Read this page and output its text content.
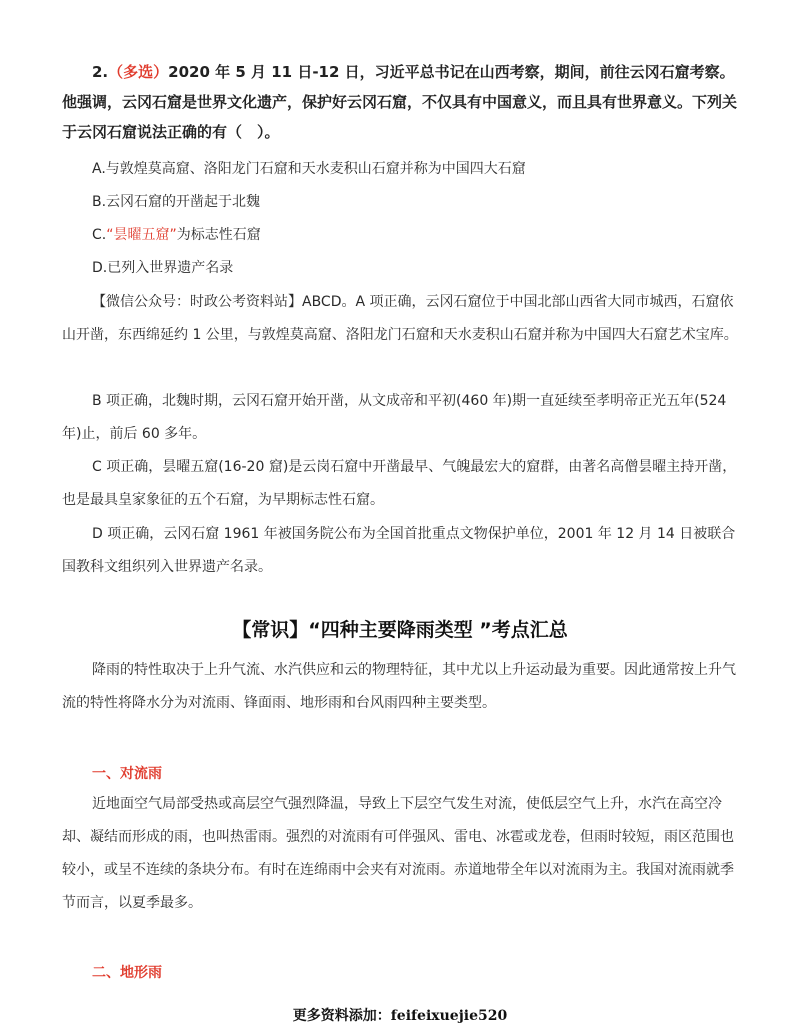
2.（多选）2020 年 5 月 11 日-12 日，习近平总书记在山西考察，期间，前往云冈石窟考察。他强调，云冈石窟是世界文化遗产，保护好云冈石窟，不仅具有中国意义，而且具有世界意义。下列关于云冈石窟说法正确的有（　）。

A.与敦煌莫高窟、洛阳龙门石窟和天水麦积山石窟并称为中国四大石窟

B.云冈石窟的开凿起于北魏

C.“昙曜五窟”为标志性石窟

D.已列入世界遗产名录

【微信公众号：时政公考资料站】ABCD。A 项正确，云冈石窟位于中国北部山西省大同市城西，石窟依山开凿，东西绵延约 1 公里，与敦煌莫高窟、洛阳龙门石窟和天水麦积山石窟并称为中国四大石窟艺术宝库。

B 项正确，北魏时期，云冈石窟开始开凿，从文成帝和平初(460 年)期一直延续至孝明帝正光五年(524 年)止，前后 60 多年。

C 项正确，昙曜五窟(16-20 窟)是云岗石窟中开凿最早、气魄最宏大的窟群，由著名高僧昙曜主持开凿，也是最具皇家象征的五个石窟，为早期标志性石窟。

D 项正确，云冈石窟 1961 年被国务院公布为全国首批重点文物保护单位，2001 年 12 月 14 日被联合国教科文组织列入世界遗产名录。

【常识】“四种主要降雨类型 ”考点汇总

降雨的特性取决于上升气流、水汽供应和云的物理特征，其中尤以上升运动最为重要。因此通常按上升气流的特性将降水分为对流雨、锋面雨、地形雨和台风雨四种主要类型。

一、对流雨

近地面空气局部受热或高层空气强烈降温，导致上下层空气发生对流，使低层空气上升，水汽在高空冷却、凝结而形成的雨，也叫热雷雨。强烈的对流雨有可伴强风、雷电、冰雹或龙卷，但雨时较短，雨区范围也较小，或呈不连续的条块分布。有时在连绵雨中会夹有对流雨。赤道地带全年以对流雨为主。我国对流雨就季节而言，以夏季最多。

二、地形雨

更多资料添加：feifeixuejie520
